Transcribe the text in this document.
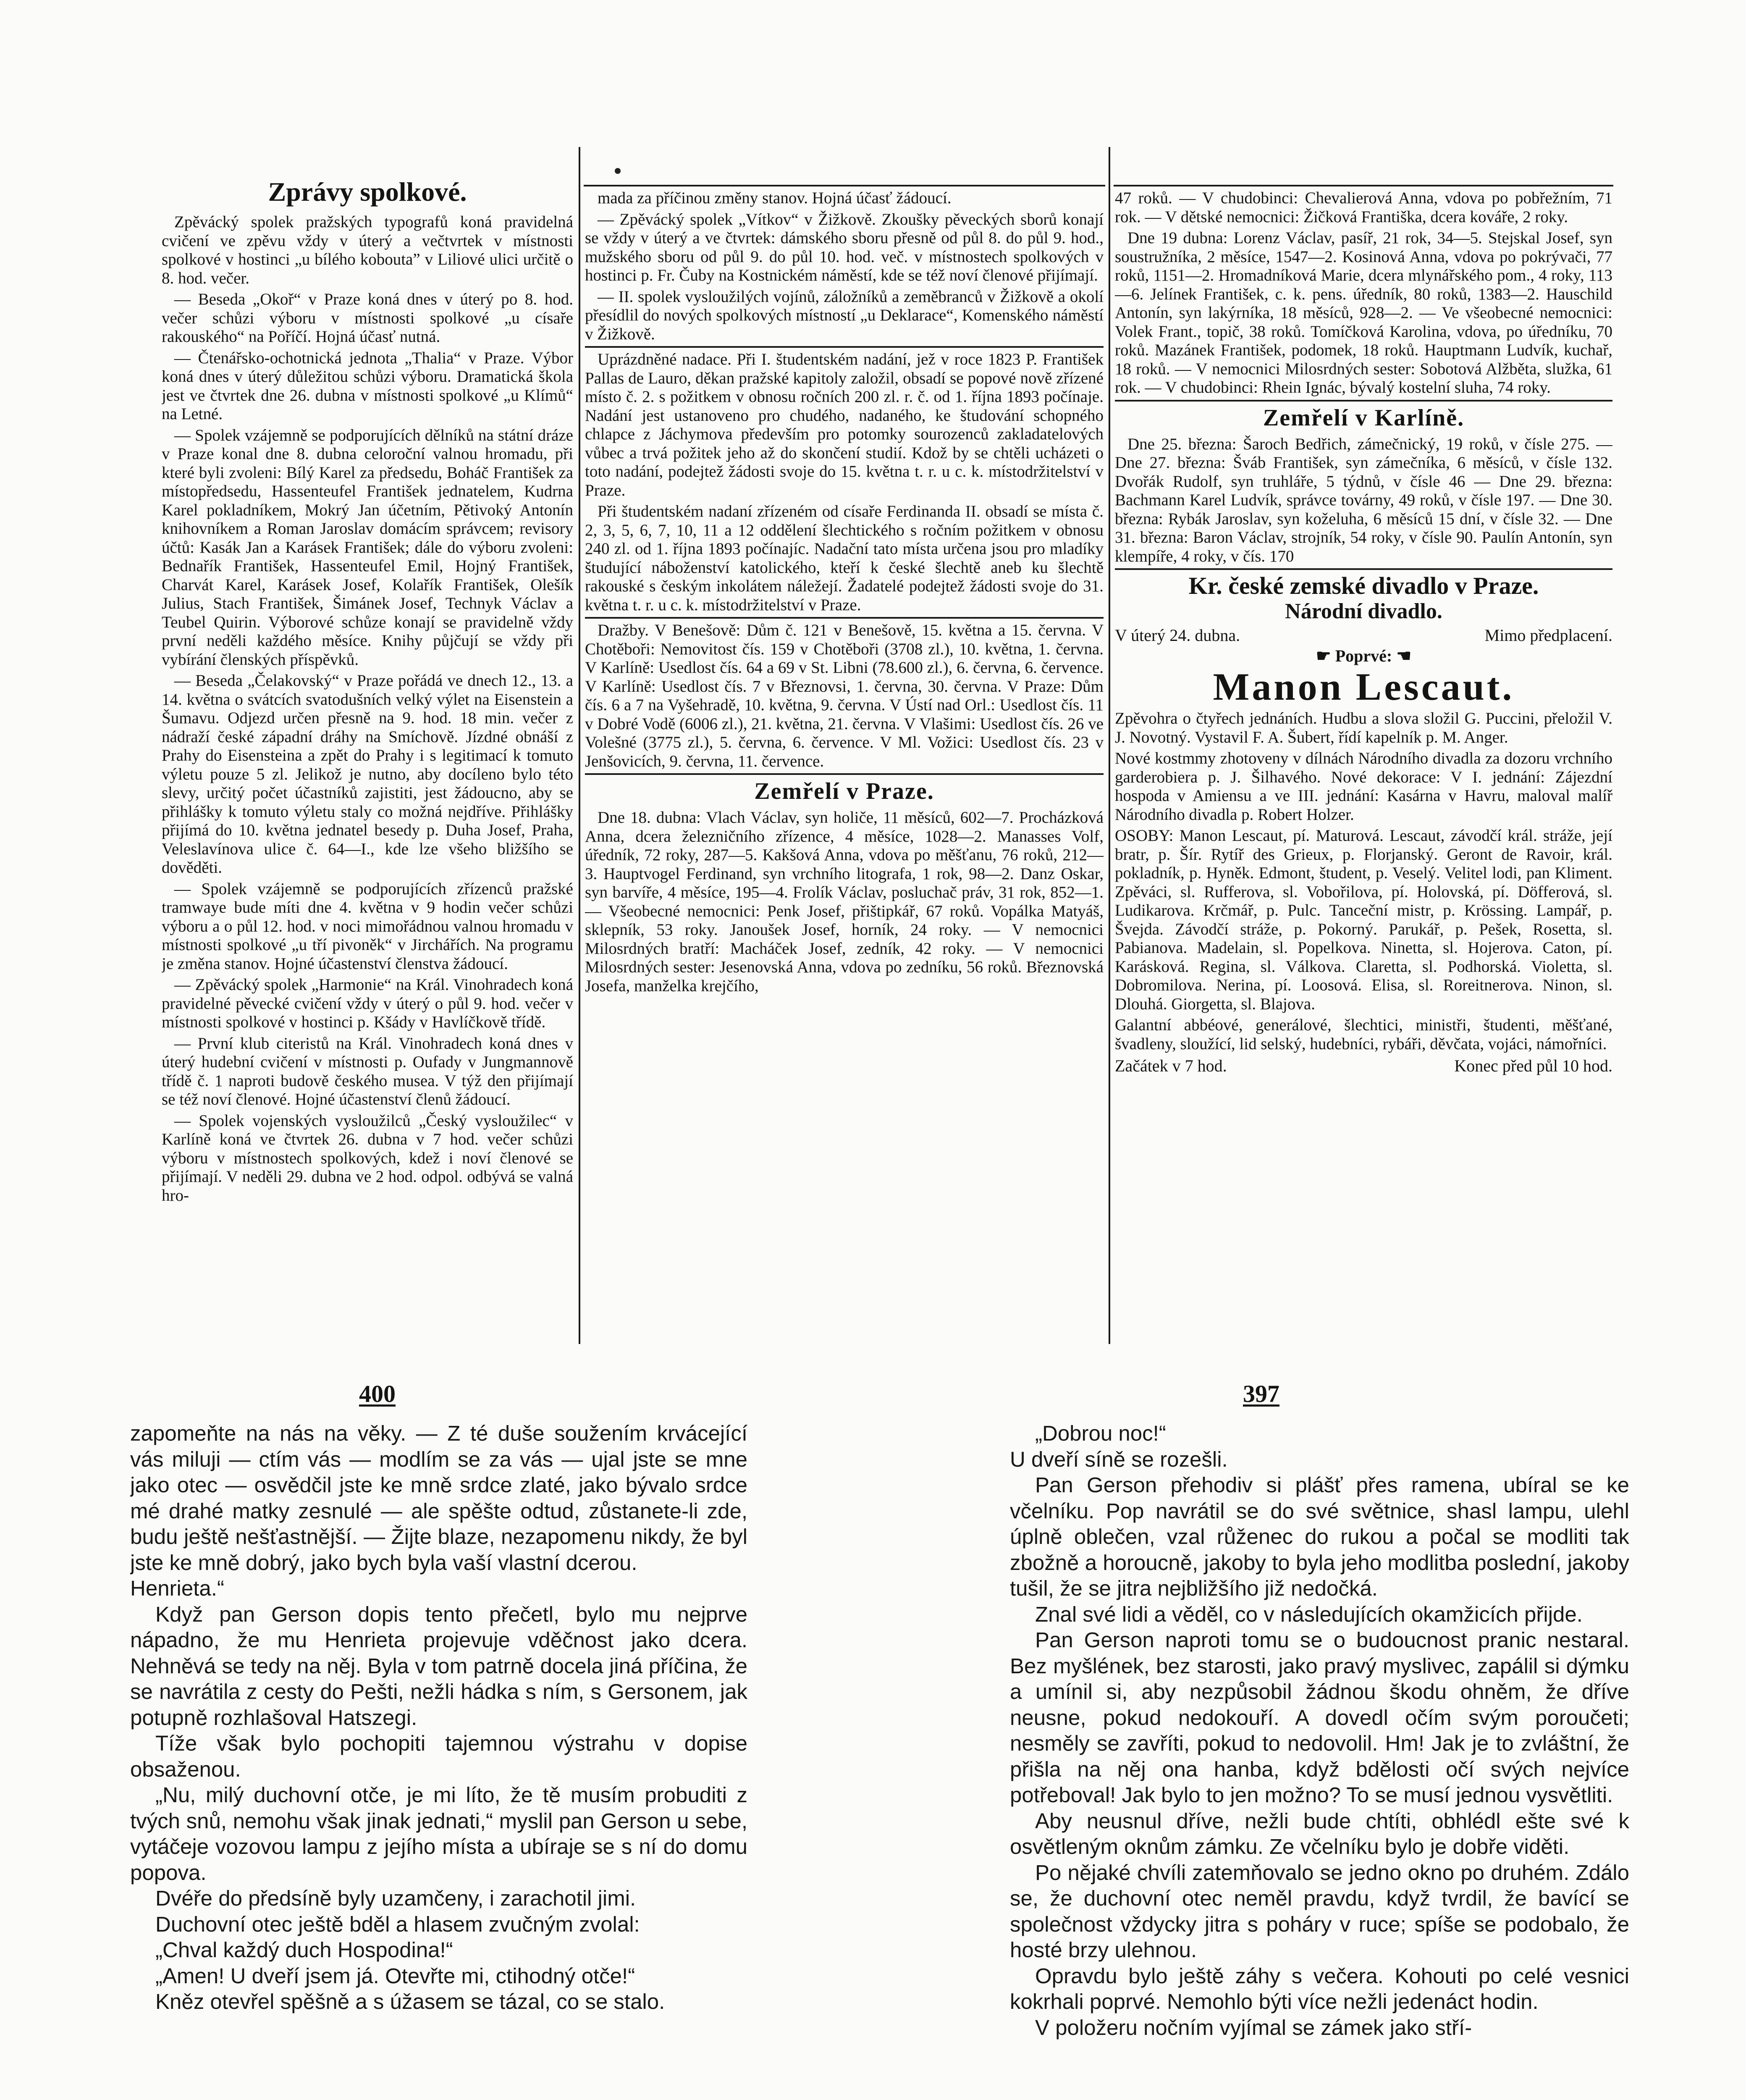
Zprávy spolkové.

Zpěvácký spolek pražských typografů koná pravidelná cvičení ve zpěvu vždy v úterý a večtvrtek v místnosti spolkové v hostinci „u bílého koboutaˮ v Liliové ulici určitě o 8. hod. večer.

— Beseda „Okoř“ v Praze koná dnes v úterý po 8. hod. večer schůzi výboru v místnosti spolkové „u císaře rakouského“ na Poříčí. Hojná účasť nutná.

— Čtenářsko-ochotnická jednota „Thalia“ v Praze. Výbor koná dnes v úterý důležitou schůzi výboru. Dramatická škola jest ve čtvrtek dne 26. dubna v místnosti spolkové „u Klímů“ na Letné.

— Spolek vzájemně se podporujících dělníků na státní dráze v Praze konal dne 8. dubna celoroční valnou hromadu, při které byli zvoleni: Bílý Karel za předsedu, Boháč František za místopředsedu, Hassenteufel František jednatelem, Kudrna Karel pokladníkem, Mokrý Jan účetním, Pětivoký Antonín knihovníkem a Roman Jaroslav domácím správcem; revisory účtů: Kasák Jan a Karásek František; dále do výboru zvoleni: Bednařík František, Hassenteufel Emil, Hojný František, Charvát Karel, Karásek Josef, Kolařík František, Olešík Julius, Stach František, Šimánek Josef, Technyk Václav a Teubel Quirin. Výborové schůze konají se pravidelně vždy první neděli každého měsíce. Knihy půjčují se vždy při vybírání členských příspěvků.

— Beseda „Čelakovský“ v Praze pořádá ve dnech 12., 13. a 14. května o svátcích svatodušních velký výlet na Eisenstein a Šumavu. Odjezd určen přesně na 9. hod. 18 min. večer z nádraží české západní dráhy na Smíchově. Jízdné obnáší z Prahy do Eisensteina a zpět do Prahy i s legitimací k tomuto výletu pouze 5 zl. Jelikož je nutno, aby docíleno bylo této slevy, určitý počet účastníků zajistiti, jest žádoucno, aby se přihlášky k tomuto výletu staly co možná nejdříve. Přihlášky přijímá do 10. května jednatel besedy p. Duha Josef, Praha, Veleslavínova ulice č. 64—I., kde lze všeho bližšího se dověděti.

— Spolek vzájemně se podporujících zřízenců pražské tramwaye bude míti dne 4. května v 9 hodin večer schůzi výboru a o půl 12. hod. v noci mimořádnou valnou hromadu v místnosti spolkové „u tří pivoněk“ v Jirchářích. Na programu je změna stanov. Hojné účastenství členstva žádoucí.

— Zpěvácký spolek „Harmonie“ na Král. Vinohradech koná pravidelné pěvecké cvičení vždy v úterý o půl 9. hod. večer v místnosti spolkové v hostinci p. Kšády v Havlíčkově třídě.

— První klub citeristů na Král. Vinohradech koná dnes v úterý hudební cvičení v místnosti p. Oufady v Jungmannově třídě č. 1 naproti budově českého musea. V týž den přijímají se též noví členové. Hojné účastenství členů žádoucí.

— Spolek vojenských vysloužilců „Český vysloužilec“ v Karlíně koná ve čtvrtek 26. dubna v 7 hod. večer schůzi výboru v místnostech spolkových, kdež i noví členové se přijímají. V neděli 29. dubna ve 2 hod. odpol. odbývá se valná hro-

mada za příčinou změny stanov. Hojná účasť žádoucí.

— Zpěvácký spolek „Vítkov“ v Žižkově. Zkoušky pěveckých sborů konají se vždy v úterý a ve čtvrtek: dámského sboru přesně od půl 8. do půl 9. hod., mužského sboru od půl 9. do půl 10. hod. več. v místnostech spolkových v hostinci p. Fr. Čuby na Kostnickém náměstí, kde se též noví členové přijímají.

— II. spolek vysloužilých vojínů, záložníků a zeměbranců v Žižkově a okolí přesídlil do nových spolkových místností „u Deklarace“, Komenského náměstí v Žižkově.

Uprázdněné nadace. Při I. študentském nadání, jež v roce 1823 P. František Pallas de Lauro, děkan pražské kapitoly založil, obsadí se popové nově zřízené místo č. 2. s požitkem v obnosu ročních 200 zl. r. č. od 1. října 1893 počínaje. Nadání jest ustanoveno pro chudého, nadaného, ke študování schopného chlapce z Jáchymova především pro potomky sourozenců zakladatelových vůbec a trvá požitek jeho až do skončení studií. Kdož by se chtěli ucházeti o toto nadání, podejtež žádosti svoje do 15. května t. r. u c. k. místodržitelství v Praze.

Při študentském nadaní zřízeném od císaře Ferdinanda II. obsadí se místa č. 2, 3, 5, 6, 7, 10, 11 a 12 oddělení šlechtického s ročním požitkem v obnosu 240 zl. od 1. října 1893 počínajíc. Nadační tato místa určena jsou pro mladíky študující náboženství katolického, kteří k české šlechtě aneb ku šlechtě rakouské s českým inkolátem náležejí. Žadatelé podejtež žádosti svoje do 31. května t. r. u c. k. místodržitelství v Praze.

Dražby. V Benešově: Dům č. 121 v Benešově, 15. května a 15. června. V Chotěboři: Nemovitost čís. 159 v Chotěboři (3708 zl.), 10. května, 1. června. V Karlíně: Usedlost čís. 64 a 69 v St. Libni (78.600 zl.), 6. června, 6. července. V Karlíně: Usedlost čís. 7 v Březnovsi, 1. června, 30. června. V Praze: Dům čís. 6 a 7 na Vyšehradě, 10. května, 9. června. V Ústí nad Orl.: Usedlost čís. 11 v Dobré Vodě (6006 zl.), 21. května, 21. června. V Vlašimi: Usedlost čís. 26 ve Volešné (3775 zl.), 5. června, 6. července. V Ml. Vožici: Usedlost čís. 23 v Jenšovicích, 9. června, 11. července.

Zemřelí v Praze.

Dne 18. dubna: Vlach Václav, syn holiče, 11 měsíců, 602—7. Procházková Anna, dcera železničního zřízence, 4 měsíce, 1028—2. Manasses Volf, úředník, 72 roky, 287—5. Kakšová Anna, vdova po měšťanu, 76 roků, 212—3. Hauptvogel Ferdinand, syn vrchního litografa, 1 rok, 98—2. Danz Oskar, syn barvíře, 4 měsíce, 195—4. Frolík Václav, posluchač práv, 31 rok, 852—1. — Všeobecné nemocnici: Penk Josef, přištipkář, 67 roků. Vopálka Matyáš, sklepník, 53 roky. Janoušek Josef, horník, 24 roky. — V nemocnici Milosrdných bratří: Macháček Josef, zedník, 42 roky. — V nemocnici Milosrdných sester: Jesenovská Anna, vdova po zedníku, 56 roků. Březnovská Josefa, manželka krejčího,

47 roků. — V chudobinci: Chevalierová Anna, vdova po pobřežním, 71 rok. — V dětské nemocnici: Žičková Františka, dcera kováře, 2 roky.

Dne 19 dubna: Lorenz Václav, pasíř, 21 rok, 34—5. Stejskal Josef, syn soustružníka, 2 měsíce, 1547—2. Kosinová Anna, vdova po pokrývači, 77 roků, 1151—2. Hromadníková Marie, dcera mlynářského pom., 4 roky, 113—6. Jelínek František, c. k. pens. úředník, 80 roků, 1383—2. Hauschild Antonín, syn lakýrníka, 18 měsíců, 928—2. — Ve všeobecné nemocnici: Volek Frant., topič, 38 roků. Tomíčková Karolina, vdova, po úředníku, 70 roků. Mazánek František, podomek, 18 roků. Hauptmann Ludvík, kuchař, 18 roků. — V nemocnici Milosrdných sester: Sobotová Alžběta, služka, 61 rok. — V chudobinci: Rhein Ignác, bývalý kostelní sluha, 74 roky.

Zemřelí v Karlíně.

Dne 25. března: Šaroch Bedřich, zámečnický, 19 roků, v čísle 275. — Dne 27. března: Šváb František, syn zámečníka, 6 měsíců, v čísle 132. Dvořák Rudolf, syn truhláře, 5 týdnů, v čísle 46 — Dne 29. března: Bachmann Karel Ludvík, správce továrny, 49 roků, v čísle 197. — Dne 30. března: Rybák Jaroslav, syn koželuha, 6 měsíců 15 dní, v čísle 32. — Dne 31. března: Baron Václav, strojník, 54 roky, v čísle 90. Paulín Antonín, syn klempíře, 4 roky, v čís. 170

Kr. české zemské divadlo v Praze.
Národní divadlo.
V úterý 24. dubna.	Mimo předplacení.
☛ Poprvé: ☚
Manon Lescaut.

Zpěvohra o čtyřech jednáních. Hudbu a slova složil G. Puccini, přeložil V. J. Novotný. Vystavil F. A. Šubert, řídí kapelník p. M. Anger.

Nové kostmmy zhotoveny v dílnách Národního divadla za dozoru vrchního garderobiera p. J. Šilhavého. Nové dekorace: V I. jednání: Zájezdní hospoda v Amiensu a ve III. jednání: Kasárna v Havru, maloval malíř Národního divadla p. Robert Holzer.

OSOBY: Manon Lescaut, pí. Maturová. Lescaut, závodčí král. stráže, její bratr, p. Šír. Rytíř des Grieux, p. Florjanský. Geront de Ravoir, král. pokladník, p. Hyněk. Edmont, študent, p. Veselý. Velitel lodi, pan Kliment. Zpěváci, sl. Rufferova, sl. Vobořilova, pí. Holovská, pí. Döfferová, sl. Ludikarova. Krčmář, p. Pulc. Tanceční mistr, p. Krössing. Lampář, p. Švejda. Závodčí stráže, p. Pokorný. Parukář, p. Pešek, Rosetta, sl. Pabianova. Madelain, sl. Popelkova. Ninetta, sl. Hojerova. Caton, pí. Karásková. Regina, sl. Válkova. Claretta, sl. Podhorská. Violetta, sl. Dobromilova. Nerina, pí. Loosová. Elisa, sl. Roreitnerova. Ninon, sl. Dlouhá. Giorgetta, sl. Blajova.

Galantní abbéové, generálové, šlechtici, ministři, študenti, měšťané, švadleny, sloužící, lid selský, hudebníci, rybáři, děvčata, vojáci, námořníci.

Začátek v 7 hod.	Konec před půl 10 hod.
400	397

zapomeňte na nás na věky. — Z té duše soužením krvácející vás miluji — ctím vás — modlím se za vás — ujal jste se mne jako otec — osvědčil jste ke mně srdce zlaté, jako bývalo srdce mé drahé matky zesnulé — ale spěšte odtud, zůstanete-li zde, budu ještě nešťastnější. — Žijte blaze, nezapomenu nikdy, že byl jste ke mně dobrý, jako bych byla vaší vlastní dcerou.

Henrieta.“

Když pan Gerson dopis tento přečetl, bylo mu nejprve nápadno, že mu Henrieta projevuje vděčnost jako dcera. Nehněvá se tedy na něj. Byla v tom patrně docela jiná příčina, že se navrátila z cesty do Pešti, nežli hádka s ním, s Gersonem, jak potupně rozhlašoval Hatszegi.

Tíže však bylo pochopiti tajemnou výstrahu v dopise obsaženou.

„Nu, milý duchovní otče, je mi líto, že tě musím probuditi z tvých snů, nemohu však jinak jednati,“ myslil pan Gerson u sebe, vytáčeje vozovou lampu z jejího místa a ubíraje se s ní do domu popova.

Dvéře do předsíně byly uzamčeny, i zarachotil jimi.

Duchovní otec ještě bděl a hlasem zvučným zvolal:

„Chval každý duch Hospodina!“

„Amen! U dveří jsem já. Otevřte mi, ctihodný otče!“

Kněz otevřel spěšně a s úžasem se tázal, co se stalo.

„Dobrou noc!“

U dveří síně se rozešli.

Pan Gerson přehodiv si plášť přes ramena, ubíral se ke včelníku. Pop navrátil se do své světnice, shasl lampu, ulehl úplně oblečen, vzal růženec do rukou a počal se modliti tak zbožně a horoucně, jakoby to byla jeho modlitba poslední, jakoby tušil, že se jitra nejbližšího již nedočká.

Znal své lidi a věděl, co v následujících okamžicích přijde.

Pan Gerson naproti tomu se o budoucnost pranic nestaral. Bez myšlének, bez starosti, jako pravý myslivec, zapálil si dýmku a umínil si, aby nezpůsobil žádnou škodu ohněm, že dříve neusne, pokud nedokouří. A dovedl očím svým poroučeti; nesměly se zavříti, pokud to nedovolil. Hm! Jak je to zvláštní, že přišla na něj ona hanba, když bdělosti očí svých nejvíce potřeboval! Jak bylo to jen možno? To se musí jednou vysvětliti.

Aby neusnul dříve, nežli bude chtíti, obhlédl ešte své k osvětleným oknům zámku. Ze včelníku bylo je dobře viděti.

Po nějaké chvíli zatemňovalo se jedno okno po druhém. Zdálo se, že duchovní otec neměl pravdu, když tvrdil, že bavící se společnost vždycky jitra s poháry v ruce; spíše se podobalo, že hosté brzy ulehnou.

Opravdu bylo ještě záhy s večera. Kohouti po celé vesnici kokrhali poprvé. Nemohlo býti více nežli jedenáct hodin.

V položeru nočním vyjímal se zámek jako stří-
